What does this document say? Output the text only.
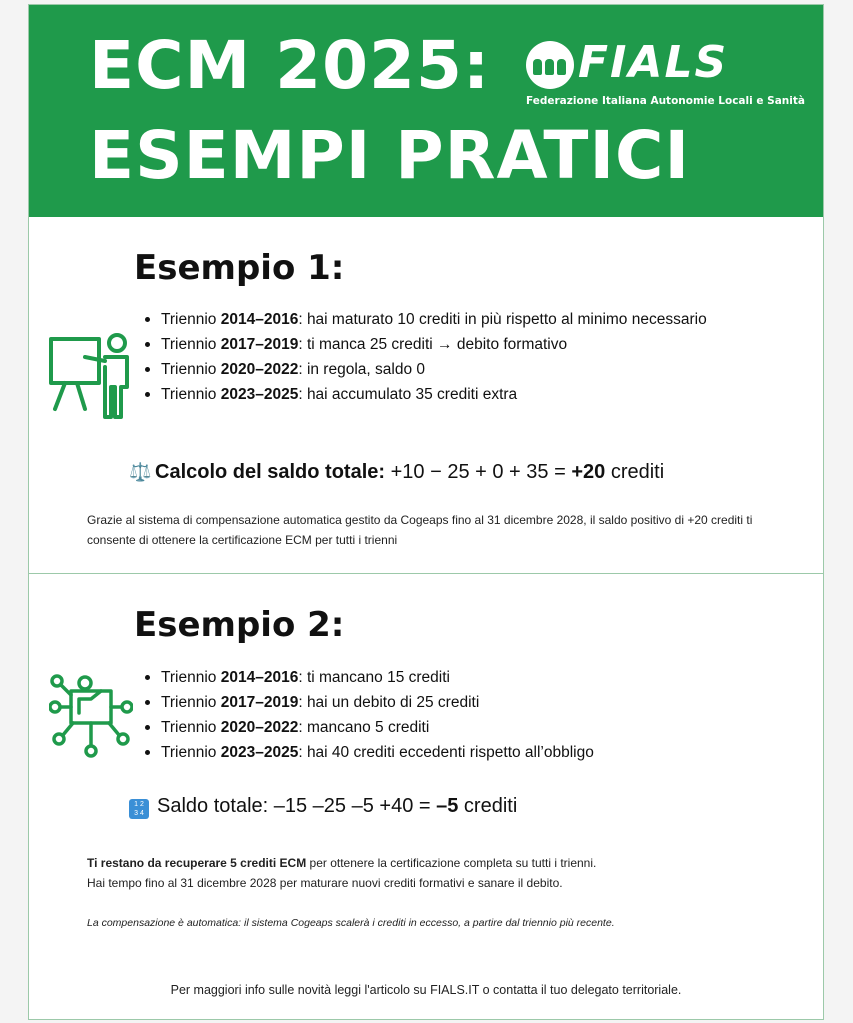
ECM 2025:
ESEMPI PRATICI
FIALS
Federazione Italiana Autonomie Locali e Sanità
Esempio 1:
Triennio 2014–2016: hai maturato 10 crediti in più rispetto al minimo necessario
Triennio 2017–2019: ti manca 25 crediti → debito formativo
Triennio 2020–2022: in regola, saldo 0
Triennio 2023–2025: hai accumulato 35 crediti extra
⚖️ Calcolo del saldo totale: +10 − 25 + 0 + 35 = +20 crediti
Grazie al sistema di compensazione automatica gestito da Cogeaps fino al 31 dicembre 2028, il saldo positivo di +20 crediti ti consente di ottenere la certificazione ECM per tutti i trienni
Esempio 2:
Triennio 2014–2016: ti mancano 15 crediti
Triennio 2017–2019: hai un debito di 25 crediti
Triennio 2020–2022: mancano 5 crediti
Triennio 2023–2025: hai 40 crediti eccedenti rispetto all’obbligo
1 2
3 4 Saldo totale: –15 –25 –5 +40 = –5 crediti
Ti restano da recuperare 5 crediti ECM per ottenere la certificazione completa su tutti i trienni.
Hai tempo fino al 31 dicembre 2028 per maturare nuovi crediti formativi e sanare il debito.
La compensazione è automatica: il sistema Cogeaps scalerà i crediti in eccesso, a partire dal triennio più recente.
Per maggiori info sulle novità leggi l'articolo su FIALS.IT o contatta il tuo delegato territoriale.
